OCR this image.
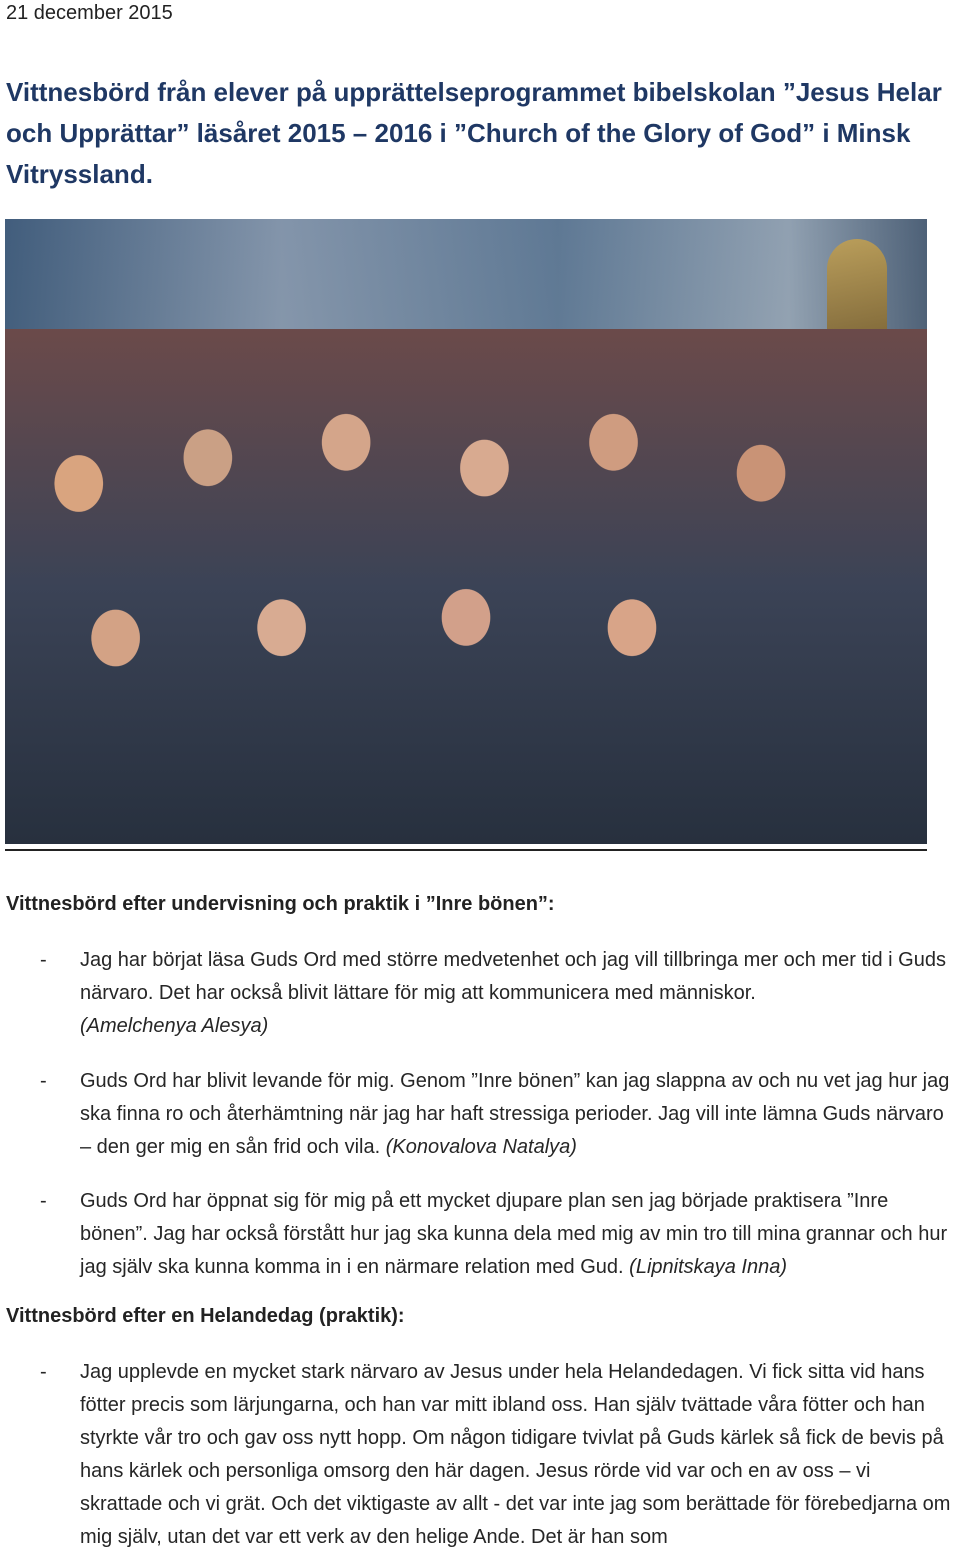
21 december 2015
Vittnesbörd från elever på upprättelseprogrammet bibelskolan ”Jesus Helar och Upprättar” läsåret 2015 – 2016 i ”Church of the Glory of God” i Minsk Vitryssland.
Vittnesbörd efter undervisning och praktik i ”Inre bönen”:
- Jag har börjat läsa Guds Ord med större medvetenhet och jag vill tillbringa mer och mer tid i Guds närvaro. Det har också blivit lättare för mig att kommunicera med människor.
(Amelchenya Alesya)
- Guds Ord har blivit levande för mig. Genom ”Inre bönen” kan jag slappna av och nu vet jag hur jag ska finna ro och återhämtning när jag har haft stressiga perioder. Jag vill inte lämna Guds närvaro – den ger mig en sån frid och vila. (Konovalova Natalya)
- Guds Ord har öppnat sig för mig på ett mycket djupare plan sen jag började praktisera ”Inre bönen”. Jag har också förstått hur jag ska kunna dela med mig av min tro till mina grannar och hur jag själv ska kunna komma in i en närmare relation med Gud. (Lipnitskaya Inna)
Vittnesbörd efter en Helandedag (praktik):
- Jag upplevde en mycket stark närvaro av Jesus under hela Helandedagen. Vi fick sitta vid hans fötter precis som lärjungarna, och han var mitt ibland oss. Han själv tvättade våra fötter och han styrkte vår tro och gav oss nytt hopp. Om någon tidigare tvivlat på Guds kärlek så fick de bevis på hans kärlek och personliga omsorg den här dagen. Jesus rörde vid var och en av oss – vi skrattade och vi grät. Och det viktigaste av allt - det var inte jag som berättade för förebedjarna om mig själv, utan det var ett verk av den helige Ande. Det är han som
